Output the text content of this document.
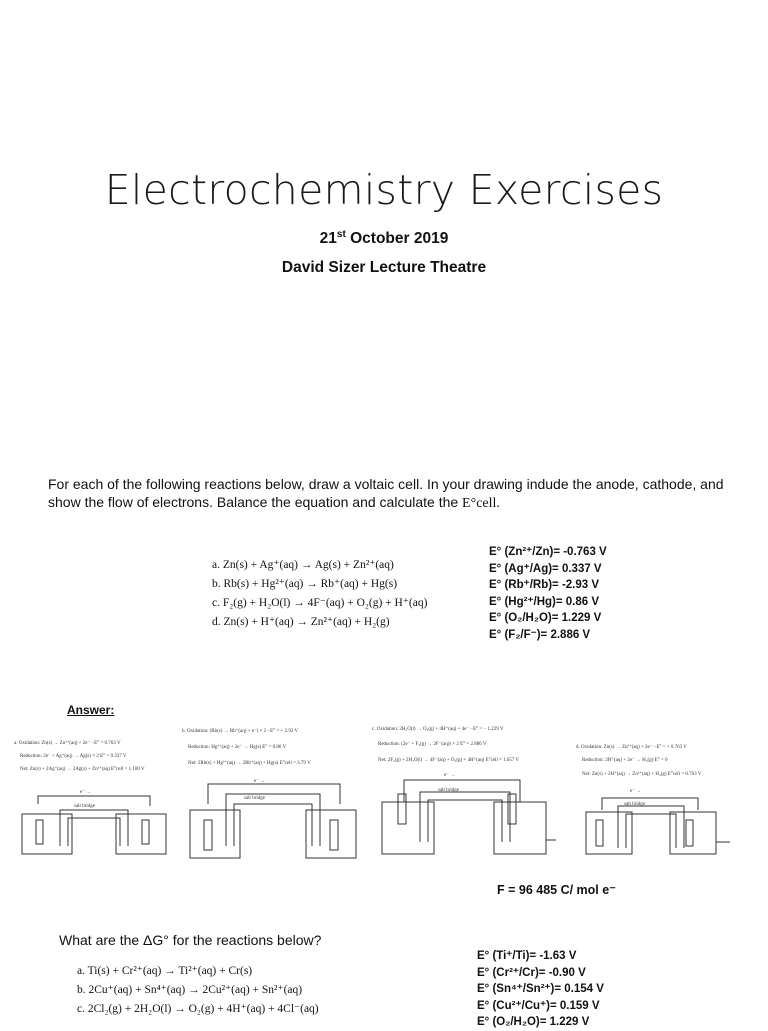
Electrochemistry Exercises
21st October 2019
David Sizer Lecture Theatre
For each of the following reactions below, draw a voltaic cell. In your drawing indude the anode, cathode, and show the flow of electrons. Balance the equation and calculate the E°cell.
a. Zn(s) + Ag⁺(aq) → Ag(s) + Zn²⁺(aq)
b. Rb(s) + Hg²⁺(aq) → Rb⁺(aq) + Hg(s)
c. F₂(g) + H₂O(l) → 4F⁻(aq) + O₂(g) + H⁺(aq)
d. Zn(s) + H⁺(aq) → Zn²⁺(aq) + H₂(g)
E° (Zn²⁺/Zn)= -0.763 V
E° (Ag⁺/Ag)= 0.337 V
E° (Rb⁺/Rb)= -2.93 V
E° (Hg²⁺/Hg)= 0.86 V
E° (O₂/H₂O)= 1.229 V
E° (F₂/F⁻)= 2.886 V
Answer:
a. Oxidation: Zn(s) → Zn²⁺(aq) + 2e⁻ −E° = 0.763 V
Reduction: 2e⁻ + Ag⁺(aq) → Ag(s) × 2 E° = 0.337 V
Net: Zn(s) + 2Ag⁺(aq) → 2Ag(s) + Zn²⁺(aq) E°cell = 1.100 V
salt bridge
e⁻ →
b. Oxidation: (Rb(s) → Rb⁺(aq) + e⁻) × 2 −E° = + 2.93 V
Reduction: Hg²⁺(aq) + 2e⁻ → Hg(s) E° = 0.86 V
Net: 2Rb(s) + Hg²⁺(aq) → 2Rb⁺(aq) + Hg(s) E°cell = 3.79 V
salt bridge
e⁻ →
c. Oxidation: 2H₂O(l) → O₂(g) + 4H⁺(aq) + 4e⁻ −E° = − 1.229 V
Reduction: (2e⁻ + F₂(g) → 2F⁻(aq)) × 2 E° = 2.886 V
Net: 2F₂(g) + 2H₂O(l) → 4F⁻(aq) + O₂(g) + 4H⁺(aq) E°cell = 1.657 V
salt bridge
e⁻ →
d. Oxidation: Zn(s) → Zn²⁺(aq) + 2e⁻ −E° = + 0.763 V
Reduction: 2H⁺(aq) + 2e⁻ → H₂(g) E° = 0
Net: Zn(s) + 2H⁺(aq) → Zn²⁺(aq) + H₂(g) E°cell = 0.763 V
salt bridge
e⁻ →
F = 96 485 C/ mol e⁻
What are the ΔG° for the reactions below?
a. Ti(s) + Cr²⁺(aq) → Ti²⁺(aq) + Cr(s)
b. 2Cu⁺(aq) + Sn⁴⁺(aq) → 2Cu²⁺(aq) + Sn²⁺(aq)
c. 2Cl₂(g) + 2H₂O(l) → O₂(g) + 4H⁺(aq) + 4Cl⁻(aq)
E° (Ti⁺/Ti)= -1.63 V
E° (Cr²⁺/Cr)= -0.90 V
E° (Sn⁴⁺/Sn²⁺)= 0.154 V
E° (Cu²⁺/Cu⁺)= 0.159 V
E° (O₂/H₂O)= 1.229 V
